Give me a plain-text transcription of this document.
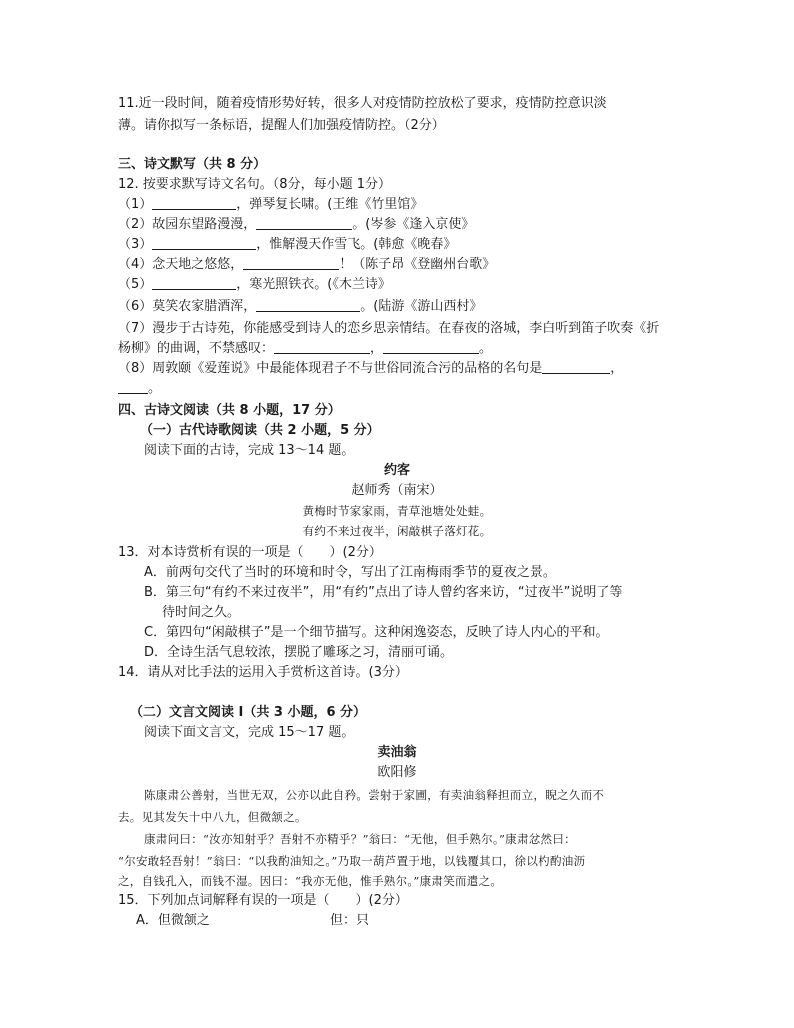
11.近一段时间，随着疫情形势好转，很多人对疫情防控放松了要求，疫情防控意识淡
薄。请你拟写一条标语，提醒人们加强疫情防控。（2分）
三、诗文默写（共 8 分）
12. 按要求默写诗文名句。（8分，每小题 1分）
（1）	，弹琴复长啸。(王维《竹里馆》
（2）故园东望路漫漫，	。(岑参《逢入京使》
（3）	，惟解漫天作雪飞。(韩愈《晚春》
（4）念天地之悠悠，	！（陈子昂《登幽州台歌》
（5）	，寒光照铁衣。(《木兰诗》
（6）莫笑农家腊酒浑，	。(陆游《游山西村》
（7）漫步于古诗苑，你能感受到诗人的恋乡思亲情结。在春夜的洛城，李白听到笛子吹奏《折
杨柳》的曲调，不禁感叹：	，	。
（8）周敦颐《爱莲说》中最能体现君子不与世俗同流合污的品格的名句是	，
。
四、古诗文阅读（共 8 小题，17 分）
（一）古代诗歌阅读（共 2 小题，5 分）
阅读下面的古诗，完成 13～14 题。
约客
赵师秀（南宋）
黄梅时节家家雨，青草池塘处处蛙。
有约不来过夜半，闲敲棋子落灯花。
13．对本诗赏析有误的一项是（　　）(2分）
A．前两句交代了当时的环境和时令，写出了江南梅雨季节的夏夜之景。
B．第三句“有约不来过夜半”，用“有约”点出了诗人曾约客来访，“过夜半”说明了等
待时间之久。
C．第四句“闲敲棋子”是一个细节描写。这种闲逸姿态，反映了诗人内心的平和。
D．全诗生活气息较浓，摆脱了雕琢之习，清丽可诵。
14．请从对比手法的运用入手赏析这首诗。(3分）
（二）文言文阅读 I（共 3 小题，6 分）
阅读下面文言文，完成 15～17 题。
卖油翁
欧阳修
陈康肃公善射，当世无双，公亦以此自矜。尝射于家圃，有卖油翁释担而立，睨之久而不
去。见其发矢十中八九，但微颔之。
康肃问曰：“汝亦知射乎？吾射不亦精乎？”翁曰：“无他，但手熟尔。”康肃忿然曰：
“尔安敢轻吾射！”翁曰：“以我酌油知之。”乃取一葫芦置于地，以钱覆其口，徐以杓酌油沥
之，自钱孔入，而钱不湿。因曰：“我亦无他，惟手熟尔。”康肃笑而遣之。
15．下列加点词解释有误的一项是（　　）(2分）
A．但微颔之	但：只
